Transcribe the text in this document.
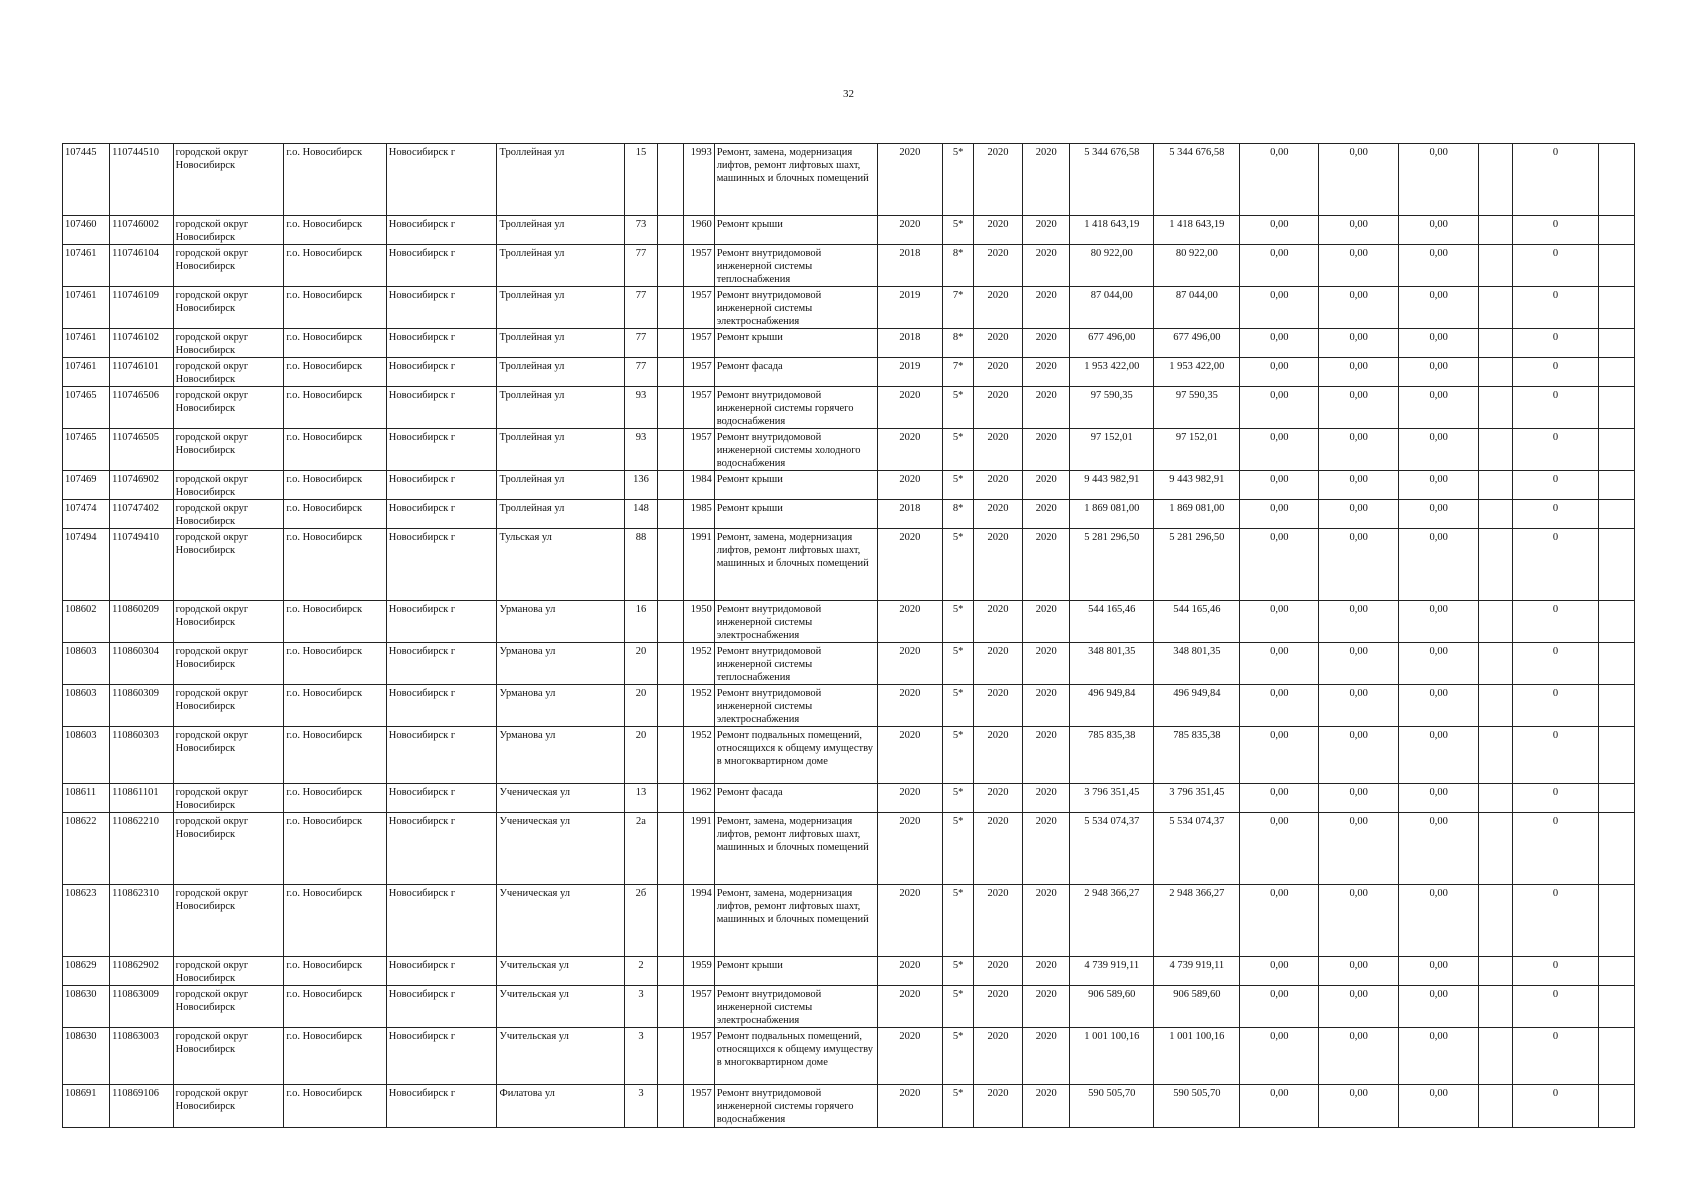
32
107445	110744510	городской округ Новосибирск	г.о. Новосибирск	Новосибирск г	Троллейная ул	15		1993	Ремонт, замена, модернизация лифтов, ремонт лифтовых шахт, машинных и блочных помещений	2020	5*	2020	2020	5 344 676,58	5 344 676,58	0,00	0,00	0,00		0	
107460	110746002	городской округ Новосибирск	г.о. Новосибирск	Новосибирск г	Троллейная ул	73		1960	Ремонт крыши	2020	5*	2020	2020	1 418 643,19	1 418 643,19	0,00	0,00	0,00		0	
107461	110746104	городской округ Новосибирск	г.о. Новосибирск	Новосибирск г	Троллейная ул	77		1957	Ремонт внутридомовой инженерной системы теплоснабжения	2018	8*	2020	2020	80 922,00	80 922,00	0,00	0,00	0,00		0	
107461	110746109	городской округ Новосибирск	г.о. Новосибирск	Новосибирск г	Троллейная ул	77		1957	Ремонт внутридомовой инженерной системы электроснабжения	2019	7*	2020	2020	87 044,00	87 044,00	0,00	0,00	0,00		0	
107461	110746102	городской округ Новосибирск	г.о. Новосибирск	Новосибирск г	Троллейная ул	77		1957	Ремонт крыши	2018	8*	2020	2020	677 496,00	677 496,00	0,00	0,00	0,00		0	
107461	110746101	городской округ Новосибирск	г.о. Новосибирск	Новосибирск г	Троллейная ул	77		1957	Ремонт фасада	2019	7*	2020	2020	1 953 422,00	1 953 422,00	0,00	0,00	0,00		0	
107465	110746506	городской округ Новосибирск	г.о. Новосибирск	Новосибирск г	Троллейная ул	93		1957	Ремонт внутридомовой инженерной системы горячего водоснабжения	2020	5*	2020	2020	97 590,35	97 590,35	0,00	0,00	0,00		0	
107465	110746505	городской округ Новосибирск	г.о. Новосибирск	Новосибирск г	Троллейная ул	93		1957	Ремонт внутридомовой инженерной системы холодного водоснабжения	2020	5*	2020	2020	97 152,01	97 152,01	0,00	0,00	0,00		0	
107469	110746902	городской округ Новосибирск	г.о. Новосибирск	Новосибирск г	Троллейная ул	136		1984	Ремонт крыши	2020	5*	2020	2020	9 443 982,91	9 443 982,91	0,00	0,00	0,00		0	
107474	110747402	городской округ Новосибирск	г.о. Новосибирск	Новосибирск г	Троллейная ул	148		1985	Ремонт крыши	2018	8*	2020	2020	1 869 081,00	1 869 081,00	0,00	0,00	0,00		0	
107494	110749410	городской округ Новосибирск	г.о. Новосибирск	Новосибирск г	Тульская ул	88		1991	Ремонт, замена, модернизация лифтов, ремонт лифтовых шахт, машинных и блочных помещений	2020	5*	2020	2020	5 281 296,50	5 281 296,50	0,00	0,00	0,00		0	
108602	110860209	городской округ Новосибирск	г.о. Новосибирск	Новосибирск г	Урманова ул	16		1950	Ремонт внутридомовой инженерной системы электроснабжения	2020	5*	2020	2020	544 165,46	544 165,46	0,00	0,00	0,00		0	
108603	110860304	городской округ Новосибирск	г.о. Новосибирск	Новосибирск г	Урманова ул	20		1952	Ремонт внутридомовой инженерной системы теплоснабжения	2020	5*	2020	2020	348 801,35	348 801,35	0,00	0,00	0,00		0	
108603	110860309	городской округ Новосибирск	г.о. Новосибирск	Новосибирск г	Урманова ул	20		1952	Ремонт внутридомовой инженерной системы электроснабжения	2020	5*	2020	2020	496 949,84	496 949,84	0,00	0,00	0,00		0	
108603	110860303	городской округ Новосибирск	г.о. Новосибирск	Новосибирск г	Урманова ул	20		1952	Ремонт подвальных помещений, относящихся к общему имуществу в многоквартирном доме	2020	5*	2020	2020	785 835,38	785 835,38	0,00	0,00	0,00		0	
108611	110861101	городской округ Новосибирск	г.о. Новосибирск	Новосибирск г	Ученическая ул	13		1962	Ремонт фасада	2020	5*	2020	2020	3 796 351,45	3 796 351,45	0,00	0,00	0,00		0	
108622	110862210	городской округ Новосибирск	г.о. Новосибирск	Новосибирск г	Ученическая ул	2а		1991	Ремонт, замена, модернизация лифтов, ремонт лифтовых шахт, машинных и блочных помещений	2020	5*	2020	2020	5 534 074,37	5 534 074,37	0,00	0,00	0,00		0	
108623	110862310	городской округ Новосибирск	г.о. Новосибирск	Новосибирск г	Ученическая ул	2б		1994	Ремонт, замена, модернизация лифтов, ремонт лифтовых шахт, машинных и блочных помещений	2020	5*	2020	2020	2 948 366,27	2 948 366,27	0,00	0,00	0,00		0	
108629	110862902	городской округ Новосибирск	г.о. Новосибирск	Новосибирск г	Учительская ул	2		1959	Ремонт крыши	2020	5*	2020	2020	4 739 919,11	4 739 919,11	0,00	0,00	0,00		0	
108630	110863009	городской округ Новосибирск	г.о. Новосибирск	Новосибирск г	Учительская ул	3		1957	Ремонт внутридомовой инженерной системы электроснабжения	2020	5*	2020	2020	906 589,60	906 589,60	0,00	0,00	0,00		0	
108630	110863003	городской округ Новосибирск	г.о. Новосибирск	Новосибирск г	Учительская ул	3		1957	Ремонт подвальных помещений, относящихся к общему имуществу в многоквартирном доме	2020	5*	2020	2020	1 001 100,16	1 001 100,16	0,00	0,00	0,00		0	
108691	110869106	городской округ Новосибирск	г.о. Новосибирск	Новосибирск г	Филатова ул	3		1957	Ремонт внутридомовой инженерной системы горячего водоснабжения	2020	5*	2020	2020	590 505,70	590 505,70	0,00	0,00	0,00		0	
